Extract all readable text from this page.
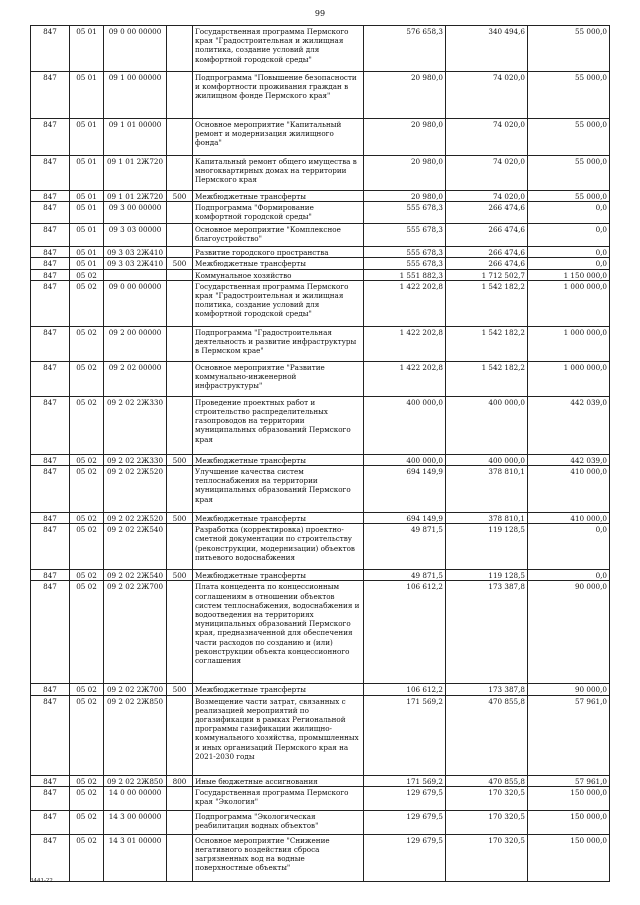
99
847	05 01	09 0 00 00000		Государственная программа Пермского края "Градостроительная и жилищная политика, создание условий для комфортной городской среды"	576 658,3	340 494,6	55 000,0
847	05 01	09 1 00 00000		Подпрограмма "Повышение безопасности и комфортности проживания граждан в жилищном фонде Пермского края"	20 980,0	74 020,0	55 000,0
847	05 01	09 1 01 00000		Основное мероприятие "Капитальный ремонт и модернизация жилищного фонда"	20 980,0	74 020,0	55 000,0
847	05 01	09 1 01 2Ж720		Капитальный ремонт общего имущества в многоквартирных домах на территории Пермского края	20 980,0	74 020,0	55 000,0
847	05 01	09 1 01 2Ж720	500	Межбюджетные трансферты	20 980,0	74 020,0	55 000,0
847	05 01	09 3 00 00000		Подпрограмма "Формирование комфортной городской среды"	555 678,3	266 474,6	0,0
847	05 01	09 3 03 00000		Основное мероприятие "Комплексное благоустройство"	555 678,3	266 474,6	0,0
847	05 01	09 3 03 2Ж410		Развитие городского пространства	555 678,3	266 474,6	0,0
847	05 01	09 3 03 2Ж410	500	Межбюджетные трансферты	555 678,3	266 474,6	0,0
847	05 02			Коммунальное хозяйство	1 551 882,3	1 712 502,7	1 150 000,0
847	05 02	09 0 00 00000		Государственная программа Пермского края "Градостроительная и жилищная политика, создание условий для комфортной городской среды"	1 422 202,8	1 542 182,2	1 000 000,0
847	05 02	09 2 00 00000		Подпрограмма "Градостроительная деятельность и развитие инфраструктуры в Пермском крае"	1 422 202,8	1 542 182,2	1 000 000,0
847	05 02	09 2 02 00000		Основное мероприятие "Развитие коммунально-инженерной инфраструктуры"	1 422 202,8	1 542 182,2	1 000 000,0
847	05 02	09 2 02 2Ж330		Проведение проектных работ и строительство распределительных газопроводов на территории муниципальных образований Пермского края	400 000,0	400 000,0	442 039,0
847	05 02	09 2 02 2Ж330	500	Межбюджетные трансферты	400 000,0	400 000,0	442 039,0
847	05 02	09 2 02 2Ж520		Улучшение качества систем теплоснабжения на территории муниципальных образований Пермского края	694 149,9	378 810,1	410 000,0
847	05 02	09 2 02 2Ж520	500	Межбюджетные трансферты	694 149,9	378 810,1	410 000,0
847	05 02	09 2 02 2Ж540		Разработка (корректировка) проектно-сметной документации по строительству (реконструкции, модернизации) объектов питьевого водоснабжения	49 871,5	119 128,5	0,0
847	05 02	09 2 02 2Ж540	500	Межбюджетные трансферты	49 871,5	119 128,5	0,0
847	05 02	09 2 02 2Ж700		Плата концедента по концессионным соглашениям в отношении объектов систем теплоснабжения, водоснабжения и водоотведения на территориях муниципальных образований Пермского края, предназначенной для обеспечения части расходов по созданию и (или) реконструкции объекта концессионного соглашения	106 612,2	173 387,8	90 000,0
847	05 02	09 2 02 2Ж700	500	Межбюджетные трансферты	106 612,2	173 387,8	90 000,0
847	05 02	09 2 02 2Ж850		Возмещение части затрат, связанных с реализацией мероприятий по догазификации в рамках Региональной программы газификации жилищно-коммунального хозяйства, промышленных и иных организаций Пермского края на 2021-2030 годы	171 569,2	470 855,8	57 961,0
847	05 02	09 2 02 2Ж850	800	Иные бюджетные ассигнования	171 569,2	470 855,8	57 961,0
847	05 02	14 0 00 00000		Государственная программа Пермского края "Экология"	129 679,5	170 320,5	150 000,0
847	05 02	14 3 00 00000		Подпрограмма "Экологическая реабилитация водных объектов"	129 679,5	170 320,5	150 000,0
847	05 02	14 3 01 00000		Основное мероприятие "Снижение негативного воздействия сброса загрязненных вод на водные поверхностные объекты"	129 679,5	170 320,5	150 000,0
3441-22
